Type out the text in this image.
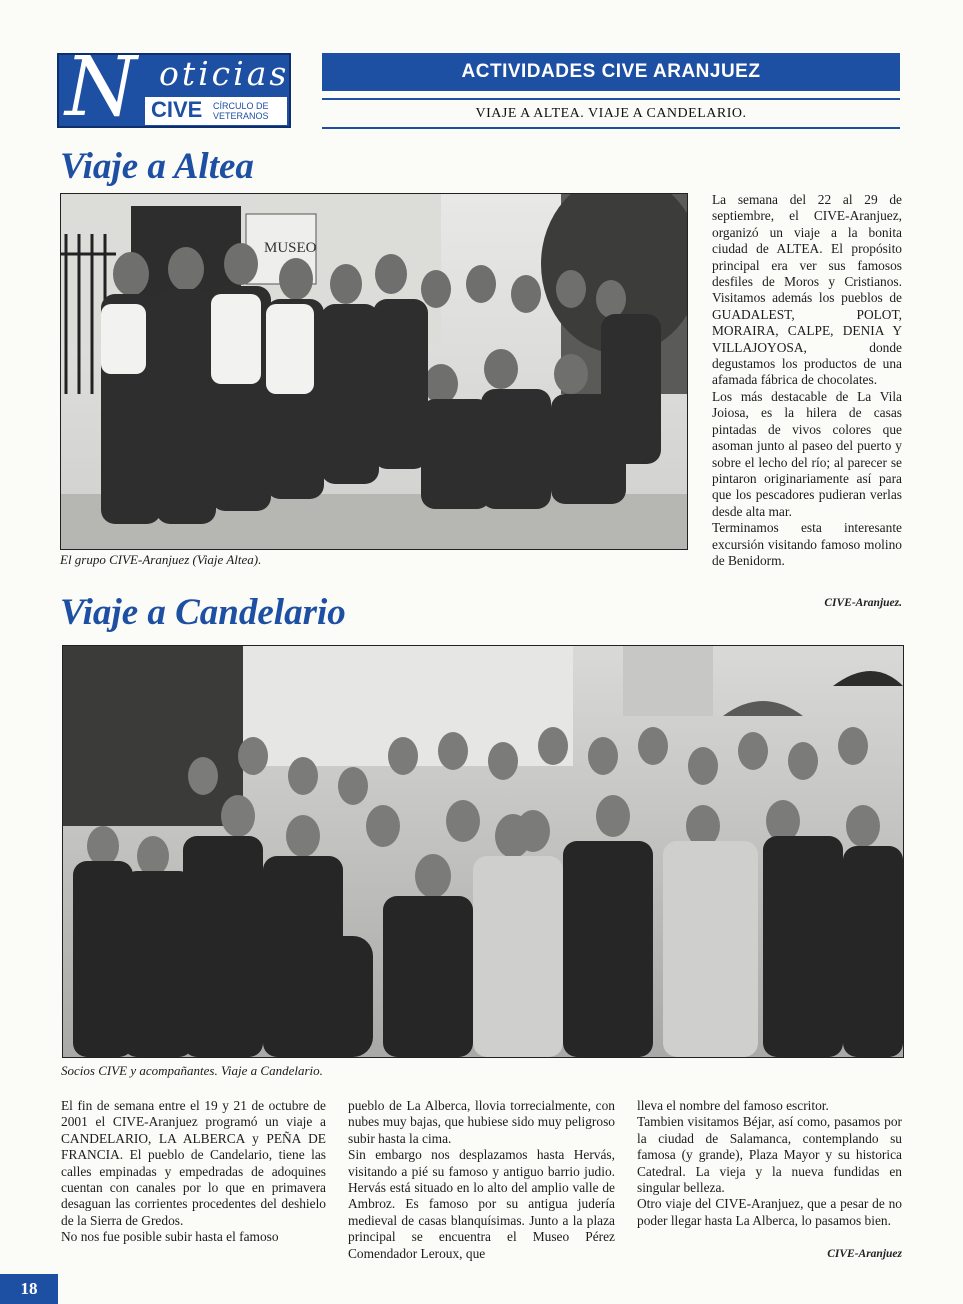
N oticias
CIVE CÍRCULO DE
VETERANOS
ACTIVIDADES CIVE ARANJUEZ
VIAJE A ALTEA. VIAJE A CANDELARIO.
Viaje a Altea
MUSEO
El grupo CIVE-Aranjuez (Viaje Altea).

La semana del 22 al 29 de septiembre, el CIVE-Aranjuez, organizó un viaje a la bonita ciudad de ALTEA. El propósito principal era ver sus famosos desfiles de Moros y Cristianos. Visitamos además los pueblos de GUADALEST, POLOT, MORAIRA, CALPE, DENIA Y VILLAJOYOSA, donde degustamos los productos de una afamada fábrica de chocolates.

Los más destacable de La Vila Joiosa, es la hilera de casas pintadas de vivos colores que asoman junto al paseo del puerto y sobre el lecho del río; al parecer se pintaron originariamente así para que los pescadores pudieran verlas desde alta mar.

Terminamos esta interesante excursión visitando famoso molino de Benidorm.

CIVE-Aranjuez.
Viaje a Candelario
Socios CIVE y acompañantes. Viaje a Candelario.

El fin de semana entre el 19 y 21 de octubre de 2001 el CIVE-Aranjuez programó un viaje a CANDELARIO, LA ALBERCA y PEÑA DE FRANCIA. El pueblo de Candelario, tiene las calles empinadas y empedradas de adoquines cuentan con canales por lo que en primavera desaguan las corrientes procedentes del deshielo de la Sierra de Gredos.

No nos fue posible subir hasta el famoso

pueblo de La Alberca, llovia torrecialmente, con nubes muy bajas, que hubiese sido muy peligroso subir hasta la cima.

Sin embargo nos desplazamos hasta Hervás, visitando a pié su famoso y antiguo barrio judio. Hervás está situado en lo alto del amplio valle de Ambroz. Es famoso por su antigua judería medieval de casas blanquísimas. Junto a la plaza principal se encuentra el Museo Pérez Comendador Leroux, que

lleva el nombre del famoso escritor.

Tambien visitamos Béjar, así como, pasamos por la ciudad de Salamanca, contemplando su famosa (y grande), Plaza Mayor y su historica Catedral. La vieja y la nueva fundidas en singular belleza.

Otro viaje del CIVE-Aranjuez, que a pesar de no poder llegar hasta La Alberca, lo pasamos bien.

CIVE-Aranjuez
18
